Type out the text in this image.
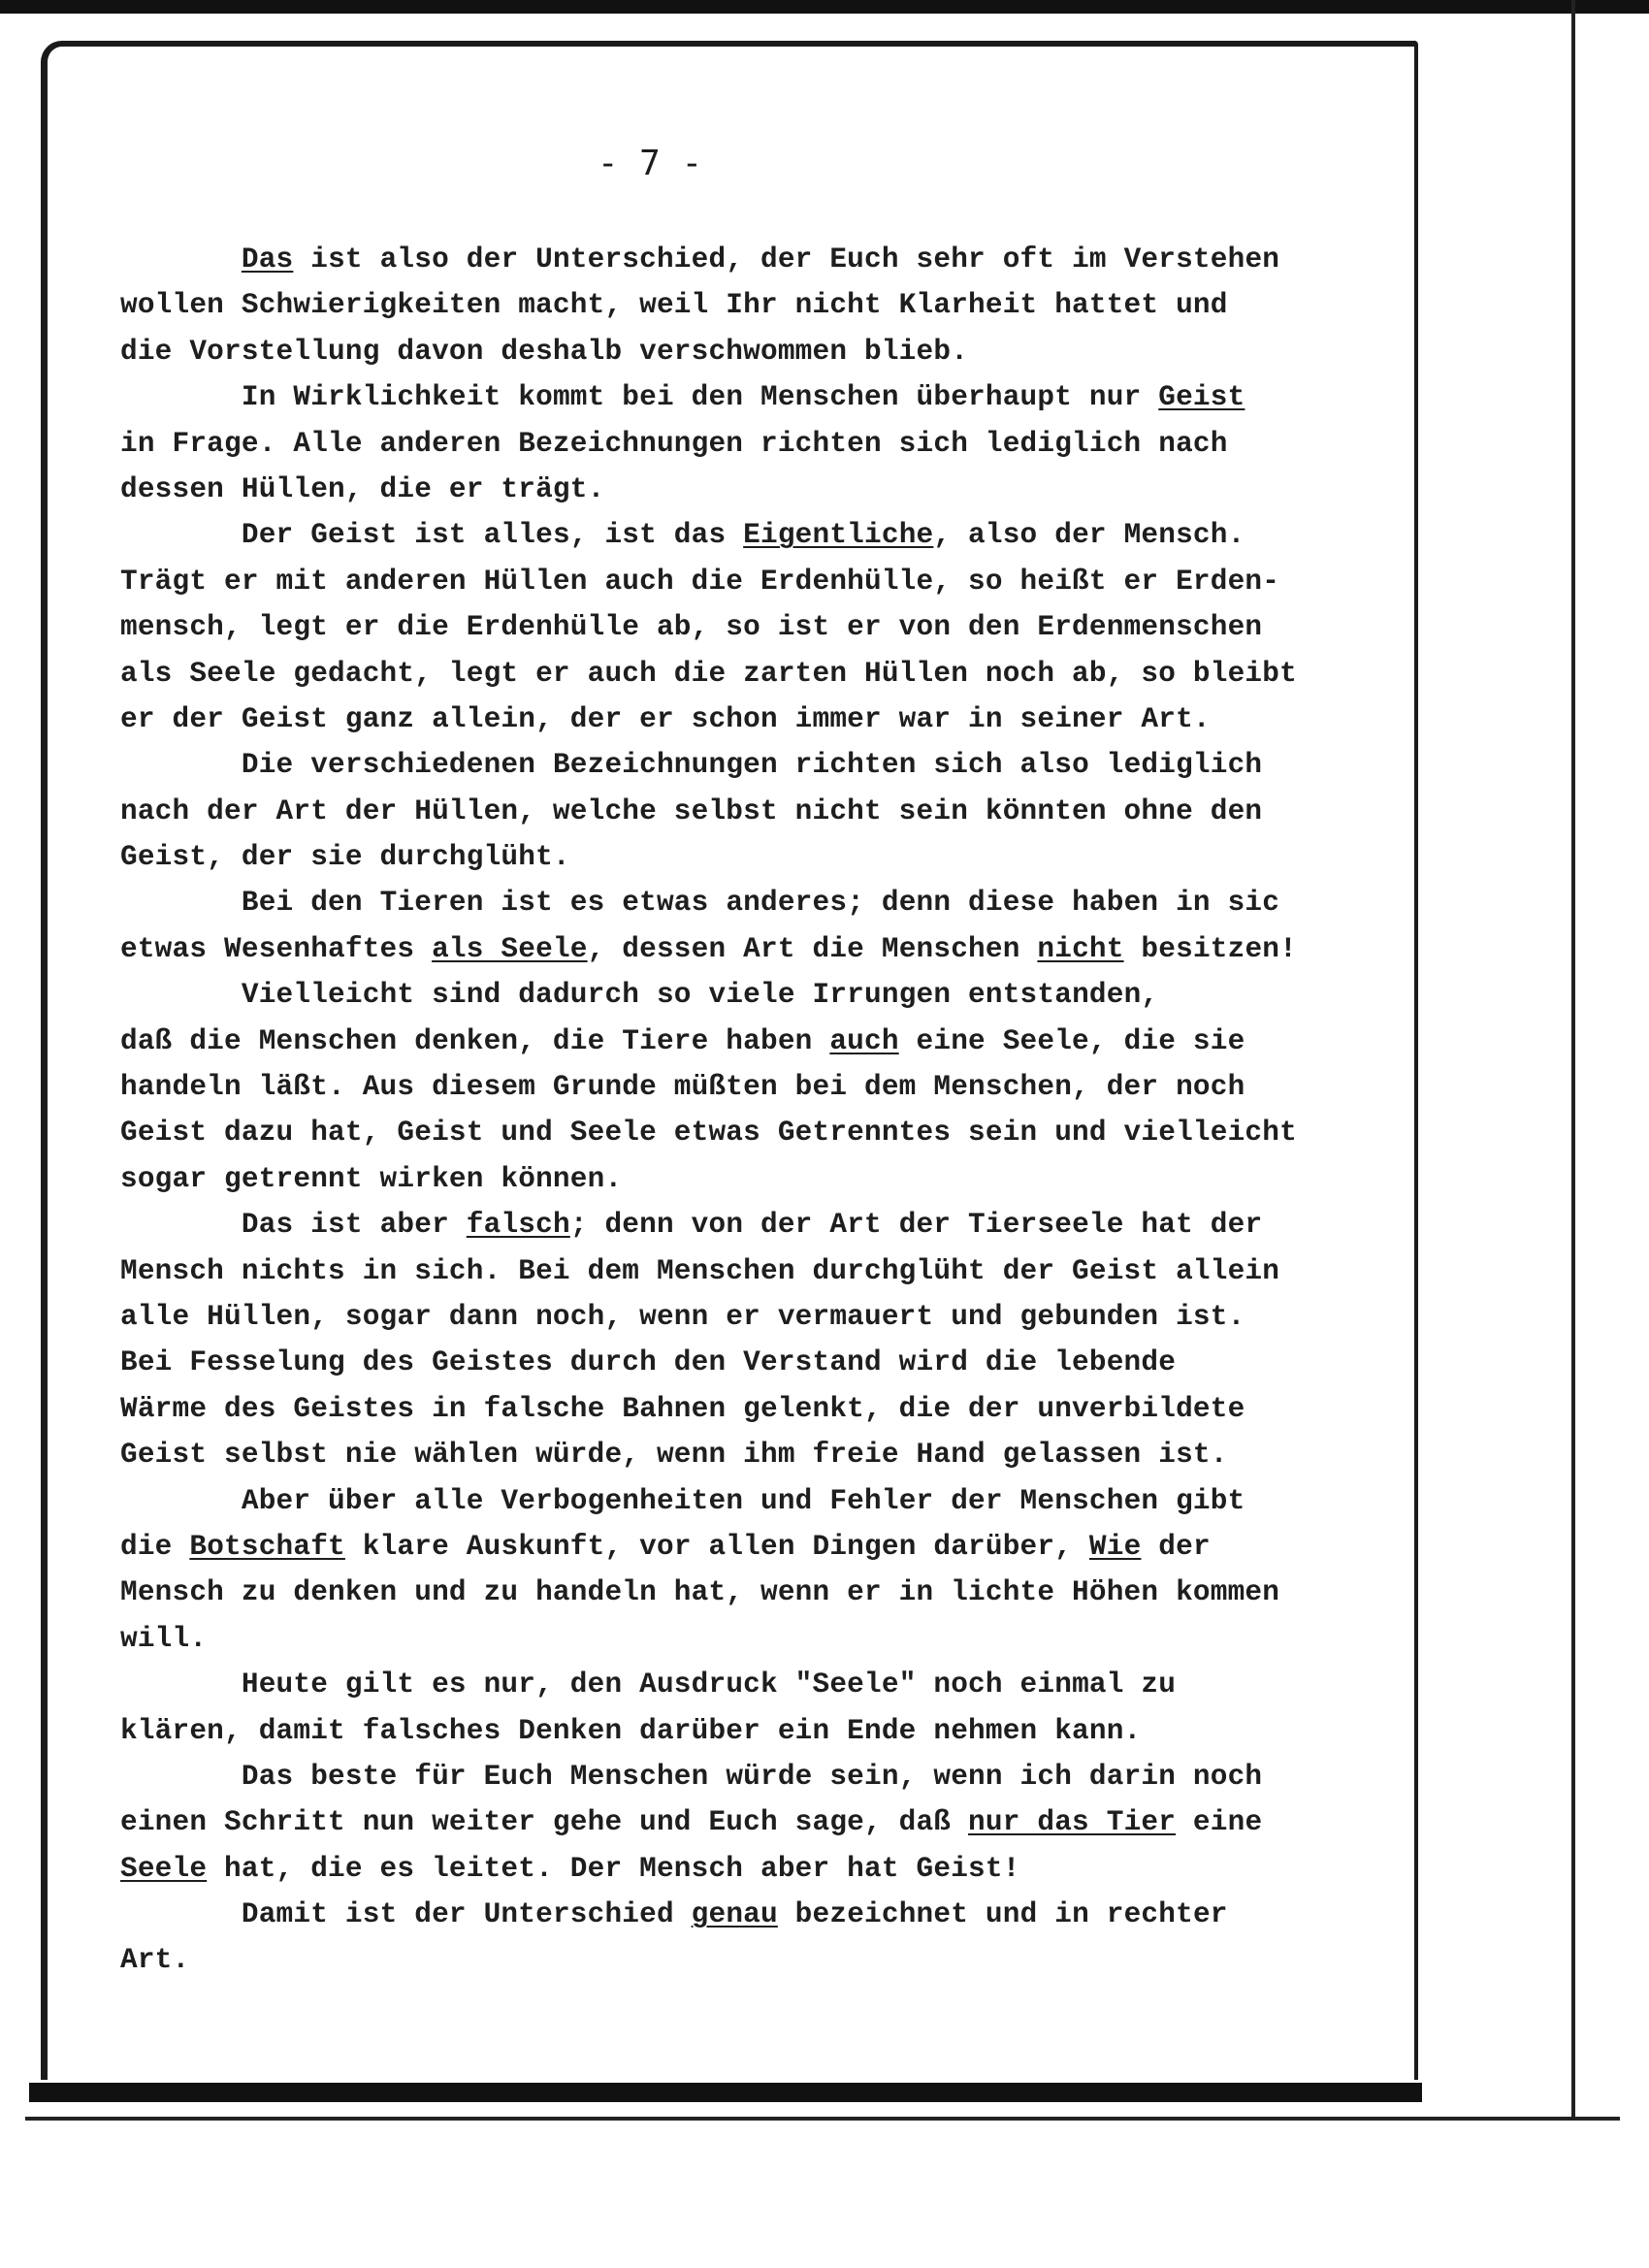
- 7 -
Das ist also der Unterschied, der Euch sehr oft im Verstehen
wollen Schwierigkeiten macht, weil Ihr nicht Klarheit hattet und
die Vorstellung davon deshalb verschwommen blieb.
In Wirklichkeit kommt bei den Menschen überhaupt nur Geist
in Frage. Alle anderen Bezeichnungen richten sich lediglich nach
dessen Hüllen, die er trägt.
Der Geist ist alles, ist das Eigentliche, also der Mensch.
Trägt er mit anderen Hüllen auch die Erdenhülle, so heißt er Erden-
mensch, legt er die Erdenhülle ab, so ist er von den Erdenmenschen
als Seele gedacht, legt er auch die zarten Hüllen noch ab, so bleibt
er der Geist ganz allein, der er schon immer war in seiner Art.
Die verschiedenen Bezeichnungen richten sich also lediglich
nach der Art der Hüllen, welche selbst nicht sein könnten ohne den
Geist, der sie durchglüht.
Bei den Tieren ist es etwas anderes; denn diese haben in sic
etwas Wesenhaftes als Seele, dessen Art die Menschen nicht besitzen!
Vielleicht sind dadurch so viele Irrungen entstanden,
daß die Menschen denken, die Tiere haben auch eine Seele, die sie
handeln läßt. Aus diesem Grunde müßten bei dem Menschen, der noch
Geist dazu hat, Geist und Seele etwas Getrenntes sein und vielleicht
sogar getrennt wirken können.
Das ist aber falsch; denn von der Art der Tierseele hat der
Mensch nichts in sich. Bei dem Menschen durchglüht der Geist allein
alle Hüllen, sogar dann noch, wenn er vermauert und gebunden ist.
Bei Fesselung des Geistes durch den Verstand wird die lebende
Wärme des Geistes in falsche Bahnen gelenkt, die der unverbildete
Geist selbst nie wählen würde, wenn ihm freie Hand gelassen ist.
Aber über alle Verbogenheiten und Fehler der Menschen gibt
die Botschaft klare Auskunft, vor allen Dingen darüber, Wie der
Mensch zu denken und zu handeln hat, wenn er in lichte Höhen kommen
will.
Heute gilt es nur, den Ausdruck "Seele" noch einmal zu
klären, damit falsches Denken darüber ein Ende nehmen kann.
Das beste für Euch Menschen würde sein, wenn ich darin noch
einen Schritt nun weiter gehe und Euch sage, daß nur das Tier eine
Seele hat, die es leitet. Der Mensch aber hat Geist!
Damit ist der Unterschied genau bezeichnet und in rechter
Art.
